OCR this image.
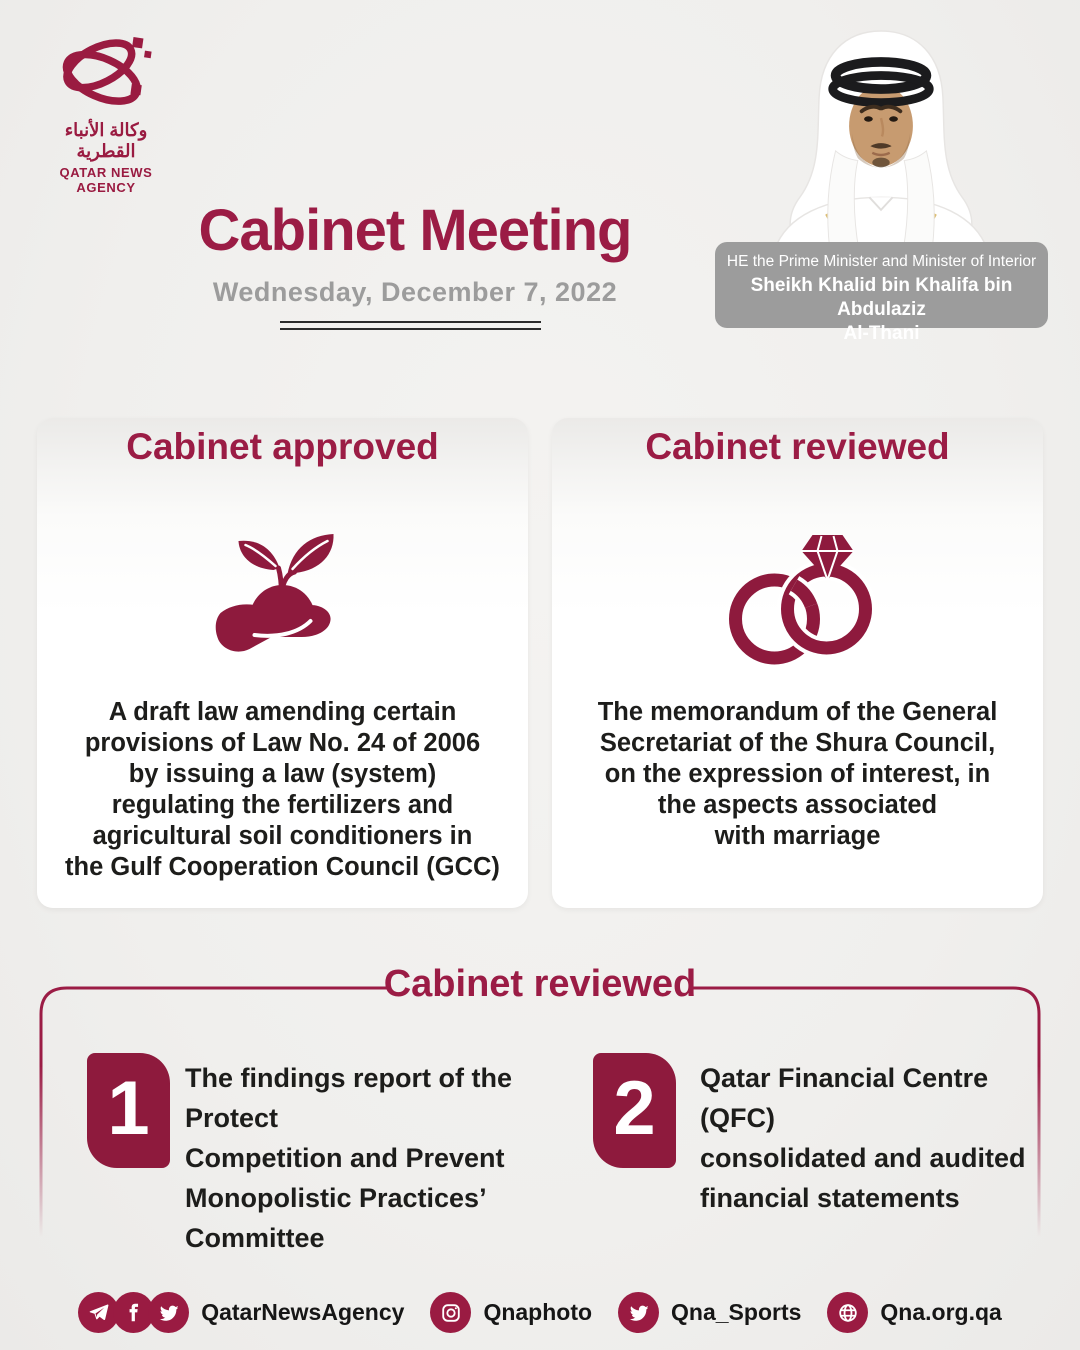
وكالة الأنباء القطرية
QATAR NEWS AGENCY
Cabinet Meeting
Wednesday, December 7, 2022
HE the Prime Minister and Minister of Interior
Sheikh Khalid bin Khalifa bin Abdulaziz
Al-Thani
Cabinet approved
A draft law amending certain
provisions of Law No. 24 of 2006
by issuing a law (system)
regulating the fertilizers and
agricultural soil conditioners in
the Gulf Cooperation Council (GCC)
Cabinet reviewed
The memorandum of the General
Secretariat of the Shura Council,
on the expression of interest, in
the aspects associated
with marriage
Cabinet reviewed
1	The findings report of the Protect
Competition and Prevent
Monopolistic Practices’ Committee
2	Qatar Financial Centre (QFC)
consolidated and audited
financial statements
QatarNewsAgency	Qnaphoto	Qna_Sports	Qna.org.qa
